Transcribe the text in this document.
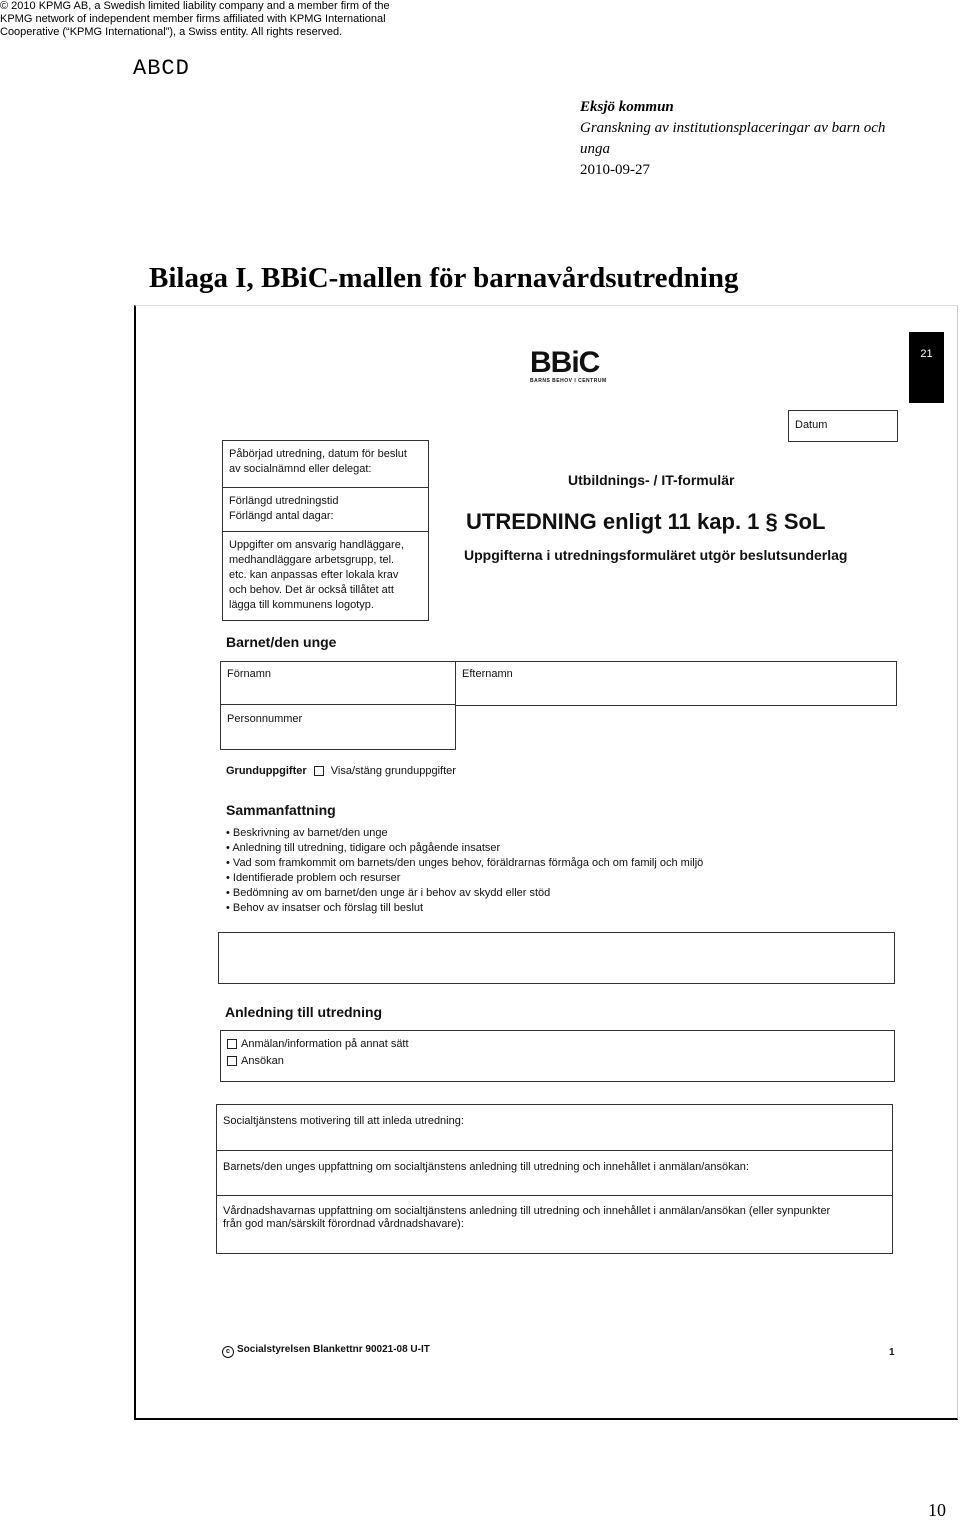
© 2010 KPMG AB, a Swedish limited liability company and a member firm of the
KPMG network of independent member firms affiliated with KPMG International
Cooperative (“KPMG International”), a Swiss entity. All rights reserved.
ABCD
Eksjö kommun
Granskning av institutionsplaceringar av barn och
unga
2010-09-27
Bilaga I, BBiC-mallen för barnavårdsutredning
BBiC
BARNS BEHOV I CENTRUM
21
Datum
Påbörjad utredning, datum för beslut
av socialnämnd eller delegat:
Förlängd utredningstid
Förlängd antal dagar:
Uppgifter om ansvarig handläggare,
medhandläggare arbetsgrupp, tel.
etc. kan anpassas efter lokala krav
och behov. Det är också tillåtet att
lägga till kommunens logotyp.
Utbildnings- / IT-formulär
UTREDNING enligt 11 kap. 1 § SoL
Uppgifterna i utredningsformuläret utgör beslutsunderlag
Barnet/den unge
Förnamn	Efternamn
Personnummer
Grunduppgifter Visa/stäng grunduppgifter
Sammanfattning
• Beskrivning av barnet/den unge
• Anledning till utredning, tidigare och pågående insatser
• Vad som framkommit om barnets/den unges behov, föräldrarnas förmåga och om familj och miljö
• Identifierade problem och resurser
• Bedömning av om barnet/den unge är i behov av skydd eller stöd
• Behov av insatser och förslag till beslut
Anledning till utredning
Anmälan/information på annat sätt
Ansökan
Socialtjänstens motivering till att inleda utredning:
Barnets/den unges uppfattning om socialtjänstens anledning till utredning och innehållet i anmälan/ansökan:
Vårdnadshavarnas uppfattning om socialtjänstens anledning till utredning och innehållet i anmälan/ansökan (eller synpunkter
från god man/särskilt förordnad vårdnadshavare):
c Socialstyrelsen Blankettnr 90021-08 U-IT	1
10
